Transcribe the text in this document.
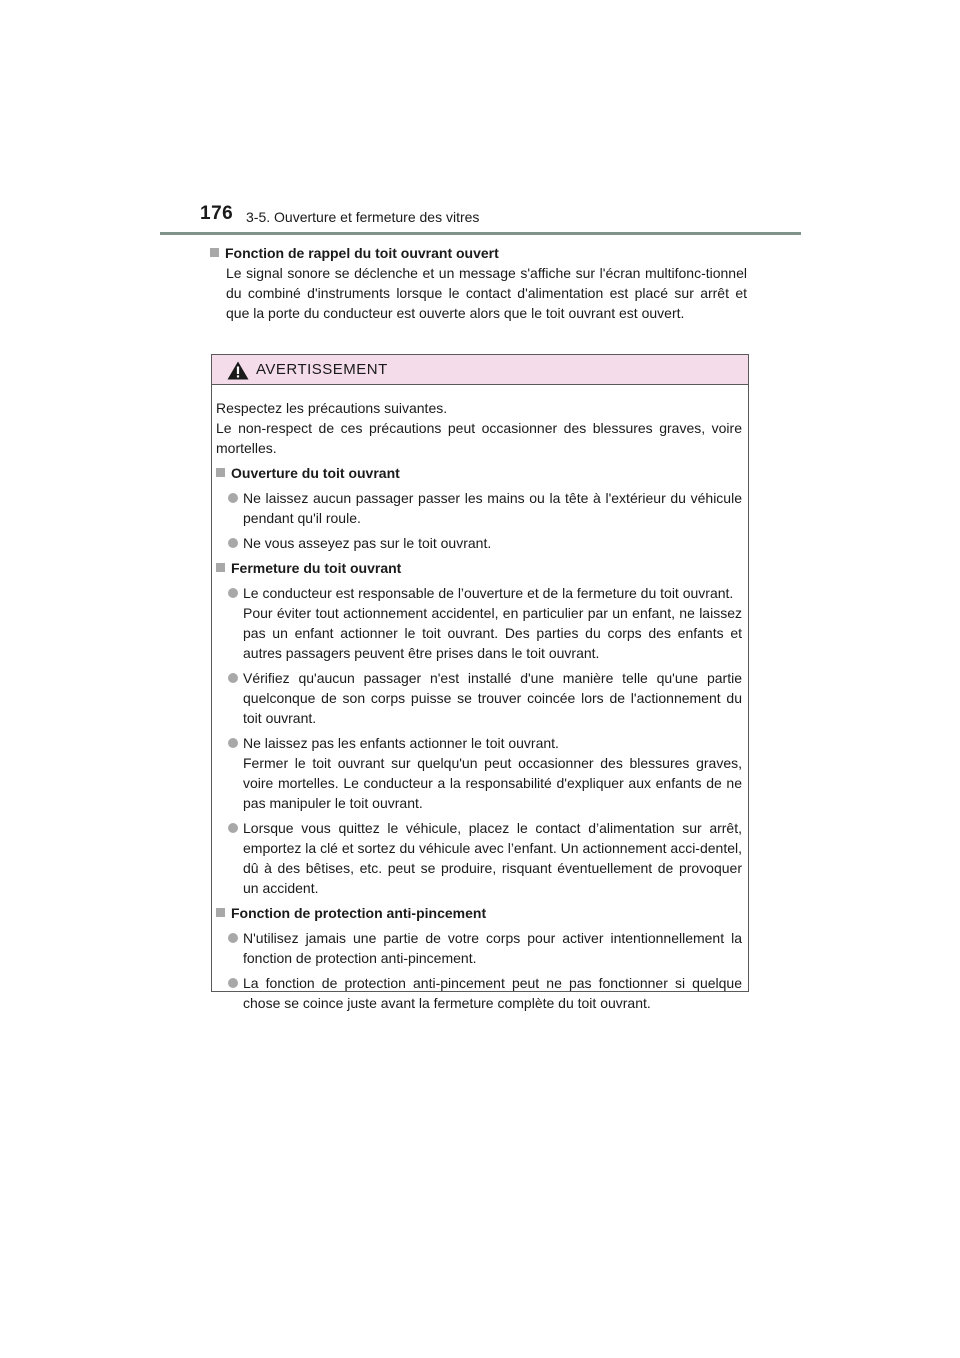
176 3-5. Ouverture et fermeture des vitres
Fonction de rappel du toit ouvrant ouvert
Le signal sonore se déclenche et un message s'affiche sur l'écran multifonc-tionnel du combiné d'instruments lorsque le contact d'alimentation est placé sur arrêt et que la porte du conducteur est ouverte alors que le toit ouvrant est ouvert.
AVERTISSEMENT

Respectez les précautions suivantes.

Le non-respect de ces précautions peut occasionner des blessures graves, voire mortelles.

Ouverture du toit ouvrant

Ne laissez aucun passager passer les mains ou la tête à l'extérieur du véhicule pendant qu'il roule.

Ne vous asseyez pas sur le toit ouvrant.

Fermeture du toit ouvrant

Le conducteur est responsable de l’ouverture et de la fermeture du toit ouvrant.

Pour éviter tout actionnement accidentel, en particulier par un enfant, ne laissez pas un enfant actionner le toit ouvrant. Des parties du corps des enfants et autres passagers peuvent être prises dans le toit ouvrant.

Vérifiez qu'aucun passager n'est installé d'une manière telle qu'une partie quelconque de son corps puisse se trouver coincée lors de l'actionnement du toit ouvrant.

Ne laissez pas les enfants actionner le toit ouvrant.

Fermer le toit ouvrant sur quelqu'un peut occasionner des blessures graves, voire mortelles. Le conducteur a la responsabilité d'expliquer aux enfants de ne pas manipuler le toit ouvrant.

Lorsque vous quittez le véhicule, placez le contact d’alimentation sur arrêt, emportez la clé et sortez du véhicule avec l’enfant. Un actionnement acci-dentel, dû à des bêtises, etc. peut se produire, risquant éventuellement de provoquer un accident.

Fonction de protection anti-pincement

N'utilisez jamais une partie de votre corps pour activer intentionnellement la fonction de protection anti-pincement.

La fonction de protection anti-pincement peut ne pas fonctionner si quelque chose se coince juste avant la fermeture complète du toit ouvrant.
